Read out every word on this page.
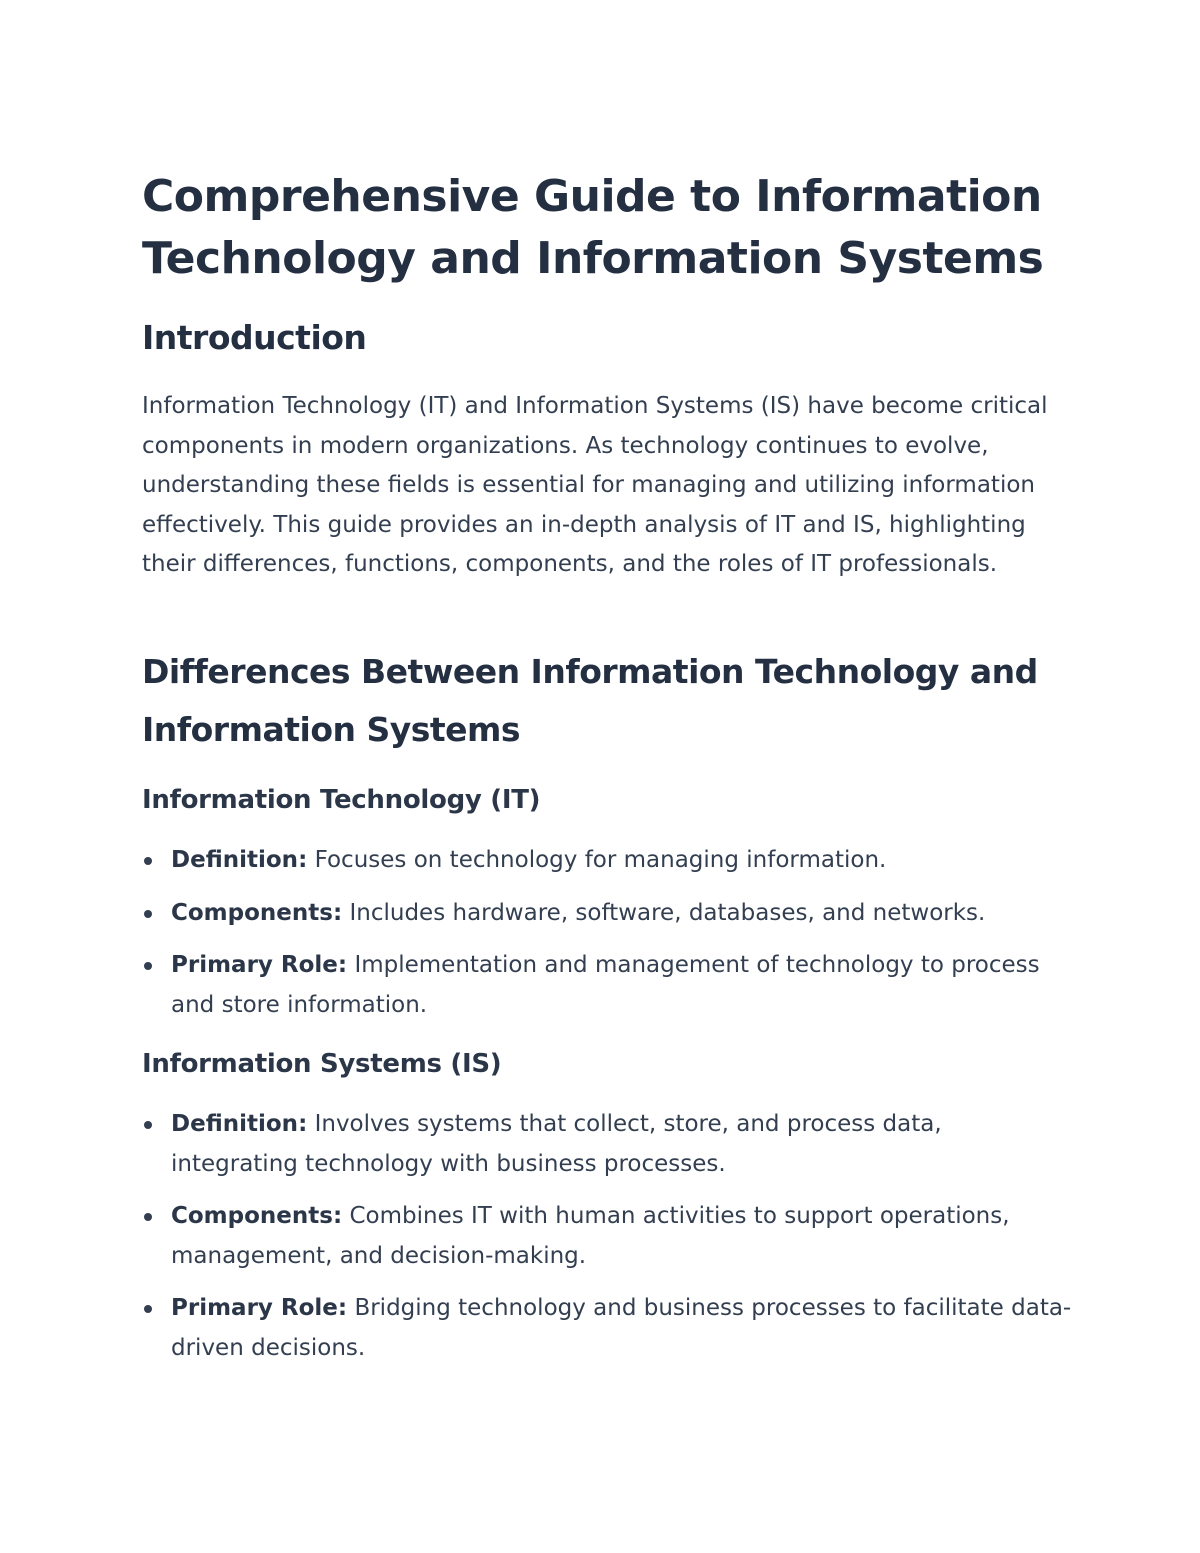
Comprehensive Guide to Information Technology and Information Systems
Introduction

Information Technology (IT) and Information Systems (IS) have become critical components in modern organizations. As technology continues to evolve, understanding these fields is essential for managing and utilizing information effectively. This guide provides an in-depth analysis of IT and IS, highlighting their differences, functions, components, and the roles of IT professionals.

Differences Between Information Technology and Information Systems
Information Technology (IT)
Definition: Focuses on technology for managing information.
Components: Includes hardware, software, databases, and networks.
Primary Role: Implementation and management of technology to process and store information.
Information Systems (IS)
Definition: Involves systems that collect, store, and process data, integrating technology with business processes.
Components: Combines IT with human activities to support operations, management, and decision-making.
Primary Role: Bridging technology and business processes to facilitate data-driven decisions.
